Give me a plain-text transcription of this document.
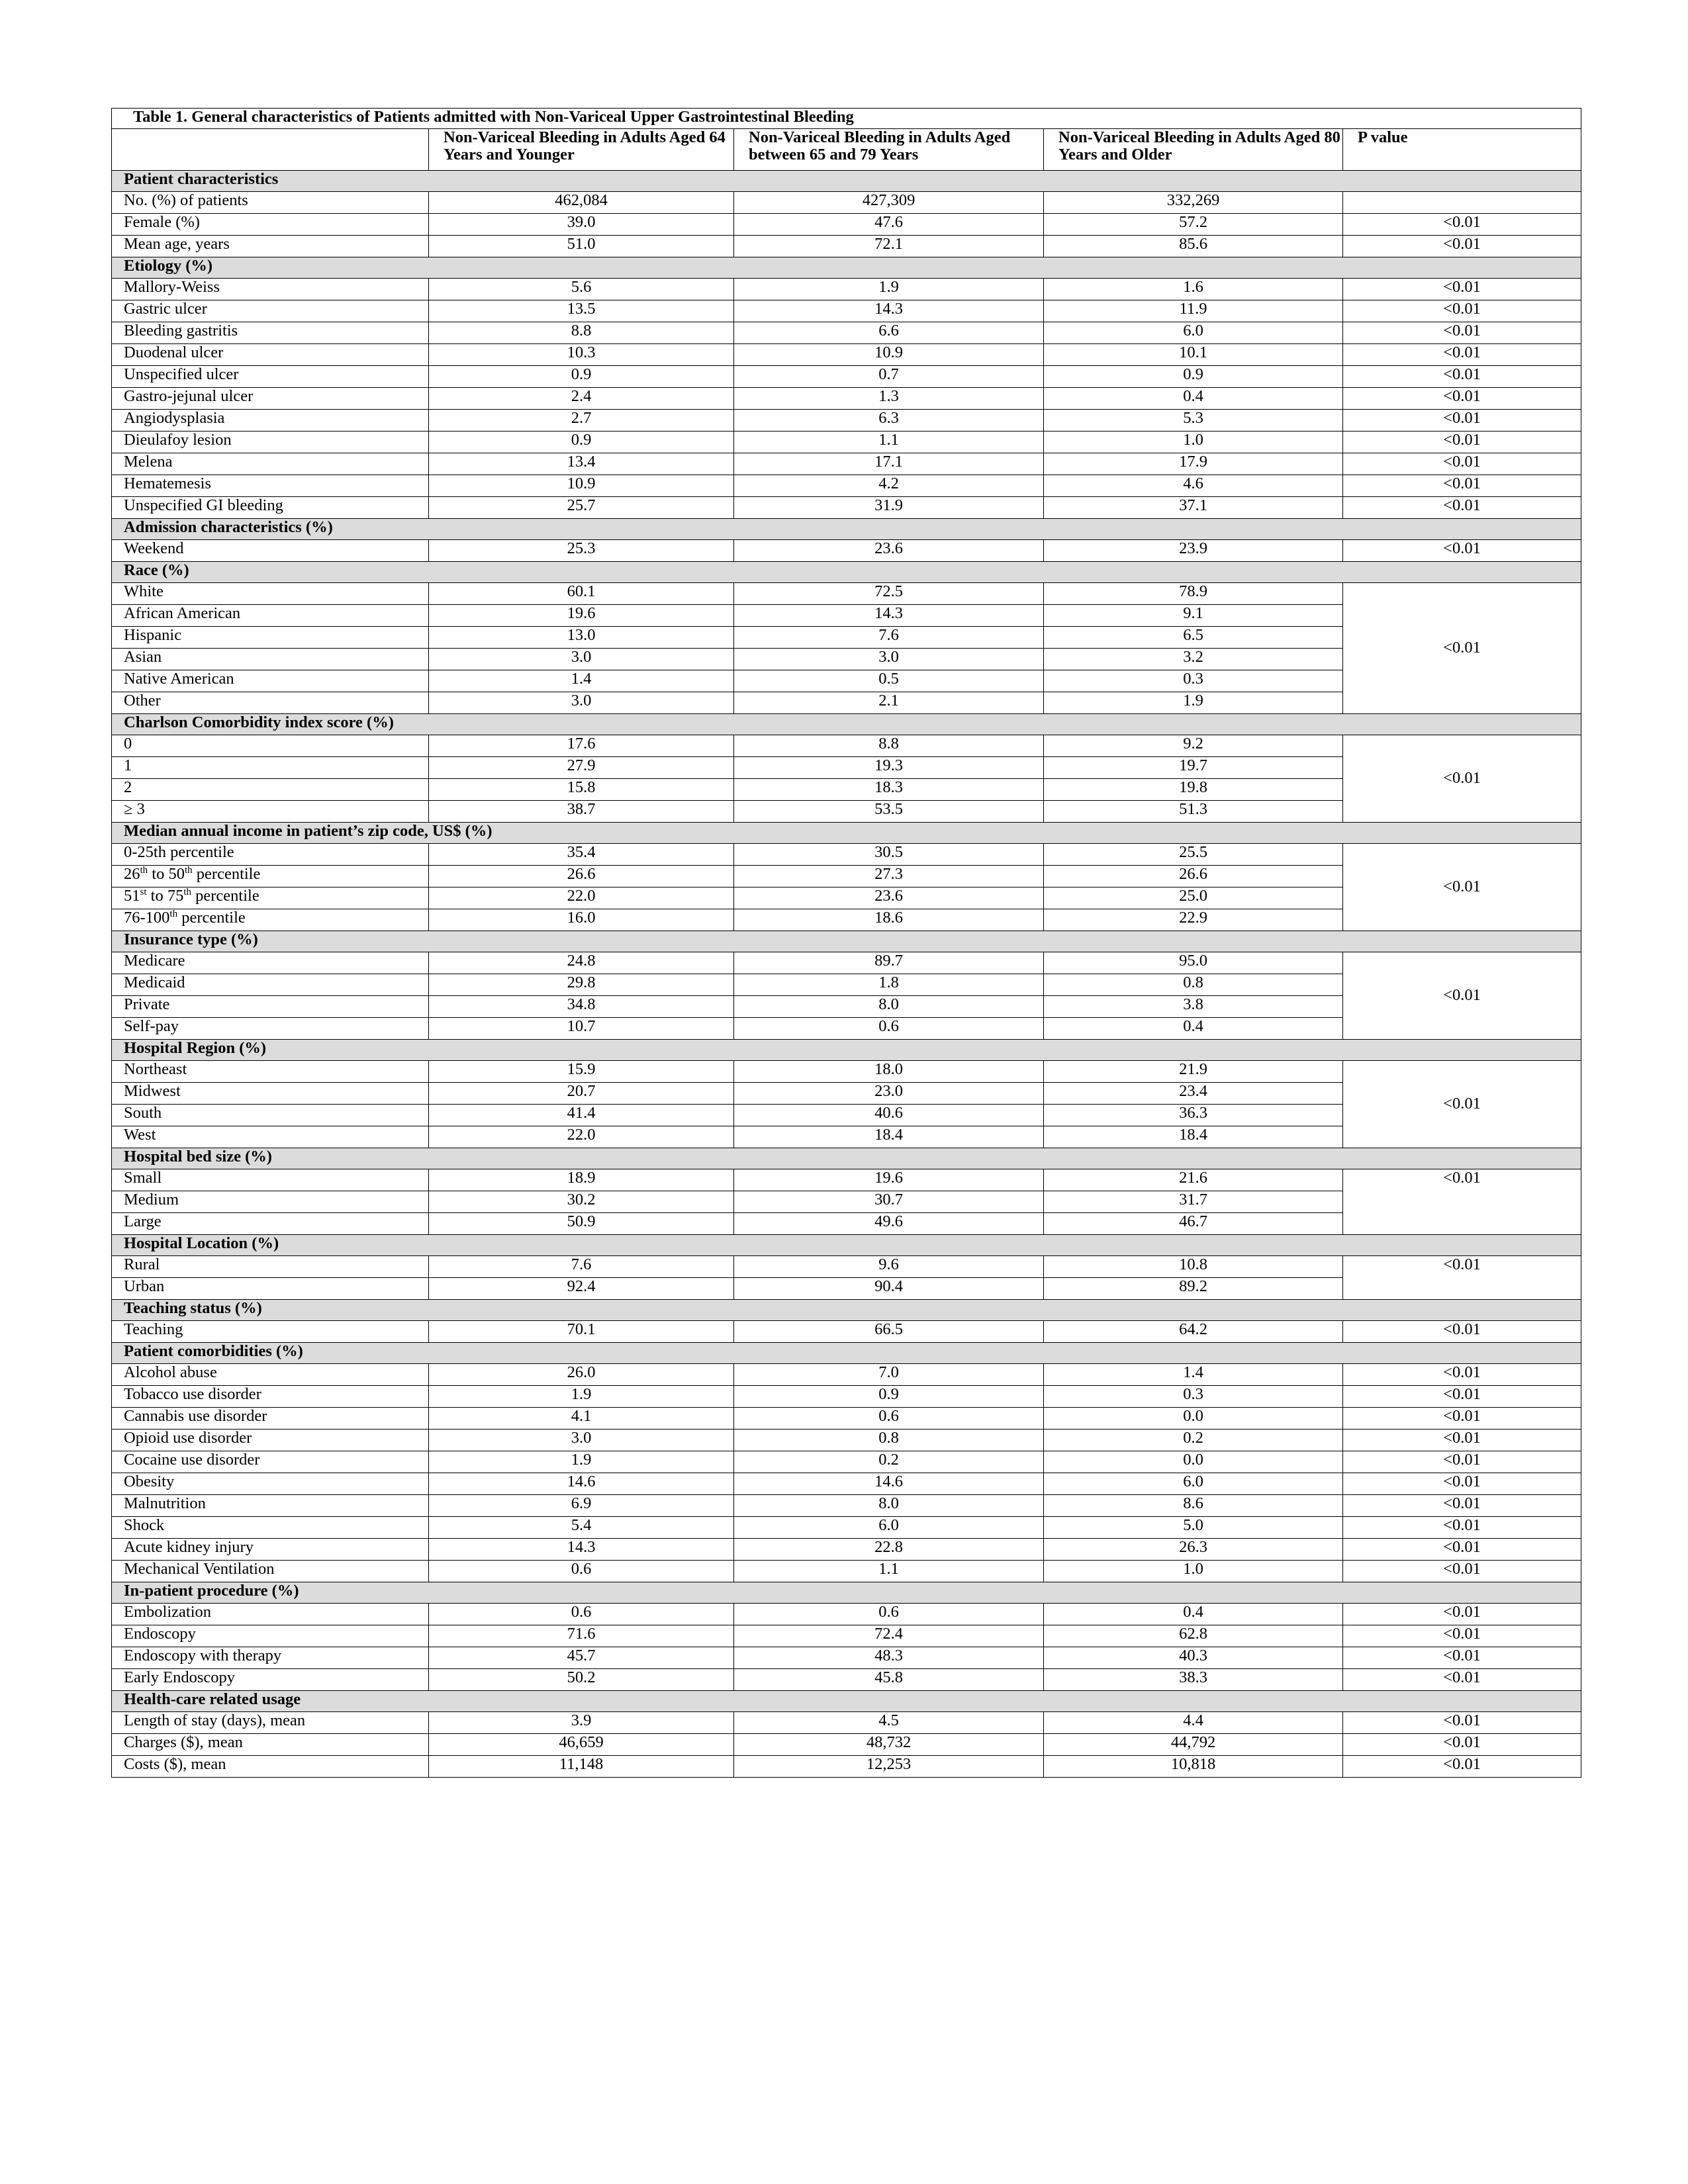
Table 1. General characteristics of Patients admitted with Non-Variceal Upper Gastrointestinal Bleeding				
	Non-Variceal Bleeding in Adults Aged 64 Years and Younger	Non-Variceal Bleeding in Adults Aged between 65 and 79 Years	Non-Variceal Bleeding in Adults Aged 80 Years and Older	P value
Patient characteristics				
No. (%) of patients	462,084	427,309	332,269	
Female (%)	39.0	47.6	57.2	<0.01
Mean age, years	51.0	72.1	85.6	<0.01
Etiology (%)				
Mallory-Weiss	5.6	1.9	1.6	<0.01
Gastric ulcer	13.5	14.3	11.9	<0.01
Bleeding gastritis	8.8	6.6	6.0	<0.01
Duodenal ulcer	10.3	10.9	10.1	<0.01
Unspecified ulcer	0.9	0.7	0.9	<0.01
Gastro-jejunal ulcer	2.4	1.3	0.4	<0.01
Angiodysplasia	2.7	6.3	5.3	<0.01
Dieulafoy lesion	0.9	1.1	1.0	<0.01
Melena	13.4	17.1	17.9	<0.01
Hematemesis	10.9	4.2	4.6	<0.01
Unspecified GI bleeding	25.7	31.9	37.1	<0.01
Admission characteristics (%)				
Weekend	25.3	23.6	23.9	<0.01
Race (%)				
White	60.1	72.5	78.9	<0.01
African American	19.6	14.3	9.1	
Hispanic	13.0	7.6	6.5	
Asian	3.0	3.0	3.2	
Native American	1.4	0.5	0.3	
Other	3.0	2.1	1.9	
Charlson Comorbidity index score (%)				
0	17.6	8.8	9.2	<0.01
1	27.9	19.3	19.7	
2	15.8	18.3	19.8	
≥ 3	38.7	53.5	51.3	
Median annual income in patient’s zip code, US$ (%)				
0-25th percentile	35.4	30.5	25.5	<0.01
26th to 50th percentile	26.6	27.3	26.6	
51st to 75th percentile	22.0	23.6	25.0	
76-100th percentile	16.0	18.6	22.9	
Insurance type (%)				
Medicare	24.8	89.7	95.0	<0.01
Medicaid	29.8	1.8	0.8	
Private	34.8	8.0	3.8	
Self-pay	10.7	0.6	0.4	
Hospital Region (%)				
Northeast	15.9	18.0	21.9	<0.01
Midwest	20.7	23.0	23.4	
South	41.4	40.6	36.3	
West	22.0	18.4	18.4	
Hospital bed size (%)				
Small	18.9	19.6	21.6	<0.01
Medium	30.2	30.7	31.7	
Large	50.9	49.6	46.7	
Hospital Location (%)				
Rural	7.6	9.6	10.8	<0.01
Urban	92.4	90.4	89.2	
Teaching status (%)				
Teaching	70.1	66.5	64.2	<0.01
Patient comorbidities (%)				
Alcohol abuse	26.0	7.0	1.4	<0.01
Tobacco use disorder	1.9	0.9	0.3	<0.01
Cannabis use disorder	4.1	0.6	0.0	<0.01
Opioid use disorder	3.0	0.8	0.2	<0.01
Cocaine use disorder	1.9	0.2	0.0	<0.01
Obesity	14.6	14.6	6.0	<0.01
Malnutrition	6.9	8.0	8.6	<0.01
Shock	5.4	6.0	5.0	<0.01
Acute kidney injury	14.3	22.8	26.3	<0.01
Mechanical Ventilation	0.6	1.1	1.0	<0.01
In-patient procedure (%)				
Embolization	0.6	0.6	0.4	<0.01
Endoscopy	71.6	72.4	62.8	<0.01
Endoscopy with therapy	45.7	48.3	40.3	<0.01
Early Endoscopy	50.2	45.8	38.3	<0.01
Health-care related usage				
Length of stay (days), mean	3.9	4.5	4.4	<0.01
Charges ($), mean	46,659	48,732	44,792	<0.01
Costs ($), mean	11,148	12,253	10,818	<0.01
